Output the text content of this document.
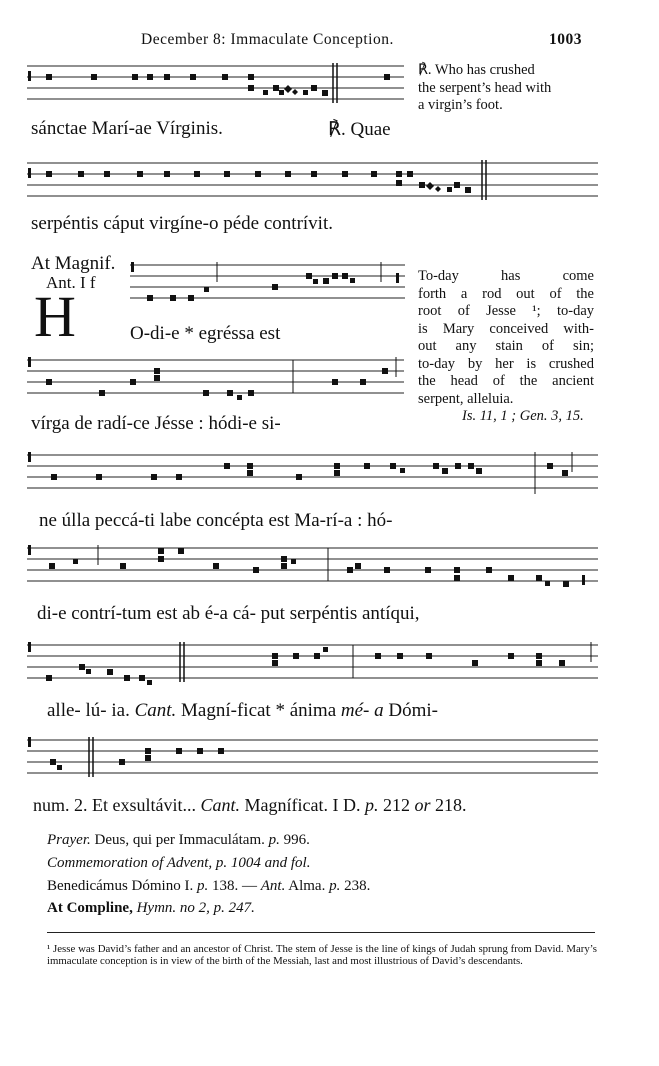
December 8: Immaculate Conception.	1003
℟. Who has crushed
the serpent’s head with
a virgin’s foot.
sánctae Marí-ae Vírginis.	℟. Quae
serpéntis cáput virgíne-o péde contrívit.
At Magnif.
Ant. I f
H	O-di-e * egréssa est
To-day has come
forth a rod out of the
root of Jesse ¹; to-day
is Mary conceived with-
out any stain of sin;
to-day by her is crushed
the head of the ancient
serpent, alleluia.
Is. 11, 1 ; Gen. 3, 15.
vírga de radí-ce Jésse : hódi-e si-
ne úlla peccá-ti labe concépta est Ma-rí-a : hó-
di-e contrí-tum est ab é-a cá- put serpéntis antíqui,
alle- lú- ia. Cant. Magní-ficat * ánima mé- a Dómi-
num. 2. Et exsultávit... Cant. Magníficat. I D. p. 212 or 218.
Prayer. Deus, qui per Immaculátam. p. 996.
Commemoration of Advent, p. 1004 and fol.
Benedicámus Dómino I. p. 138. — Ant. Alma. p. 238.
At Compline, Hymn. no 2, p. 247.
¹ Jesse was David’s father and an ancestor of Christ. The stem of Jesse is the line of kings of Judah sprung from David. Mary’s immaculate conception is in view of the birth of the Messiah, last and most illustrious of David’s descendants.
